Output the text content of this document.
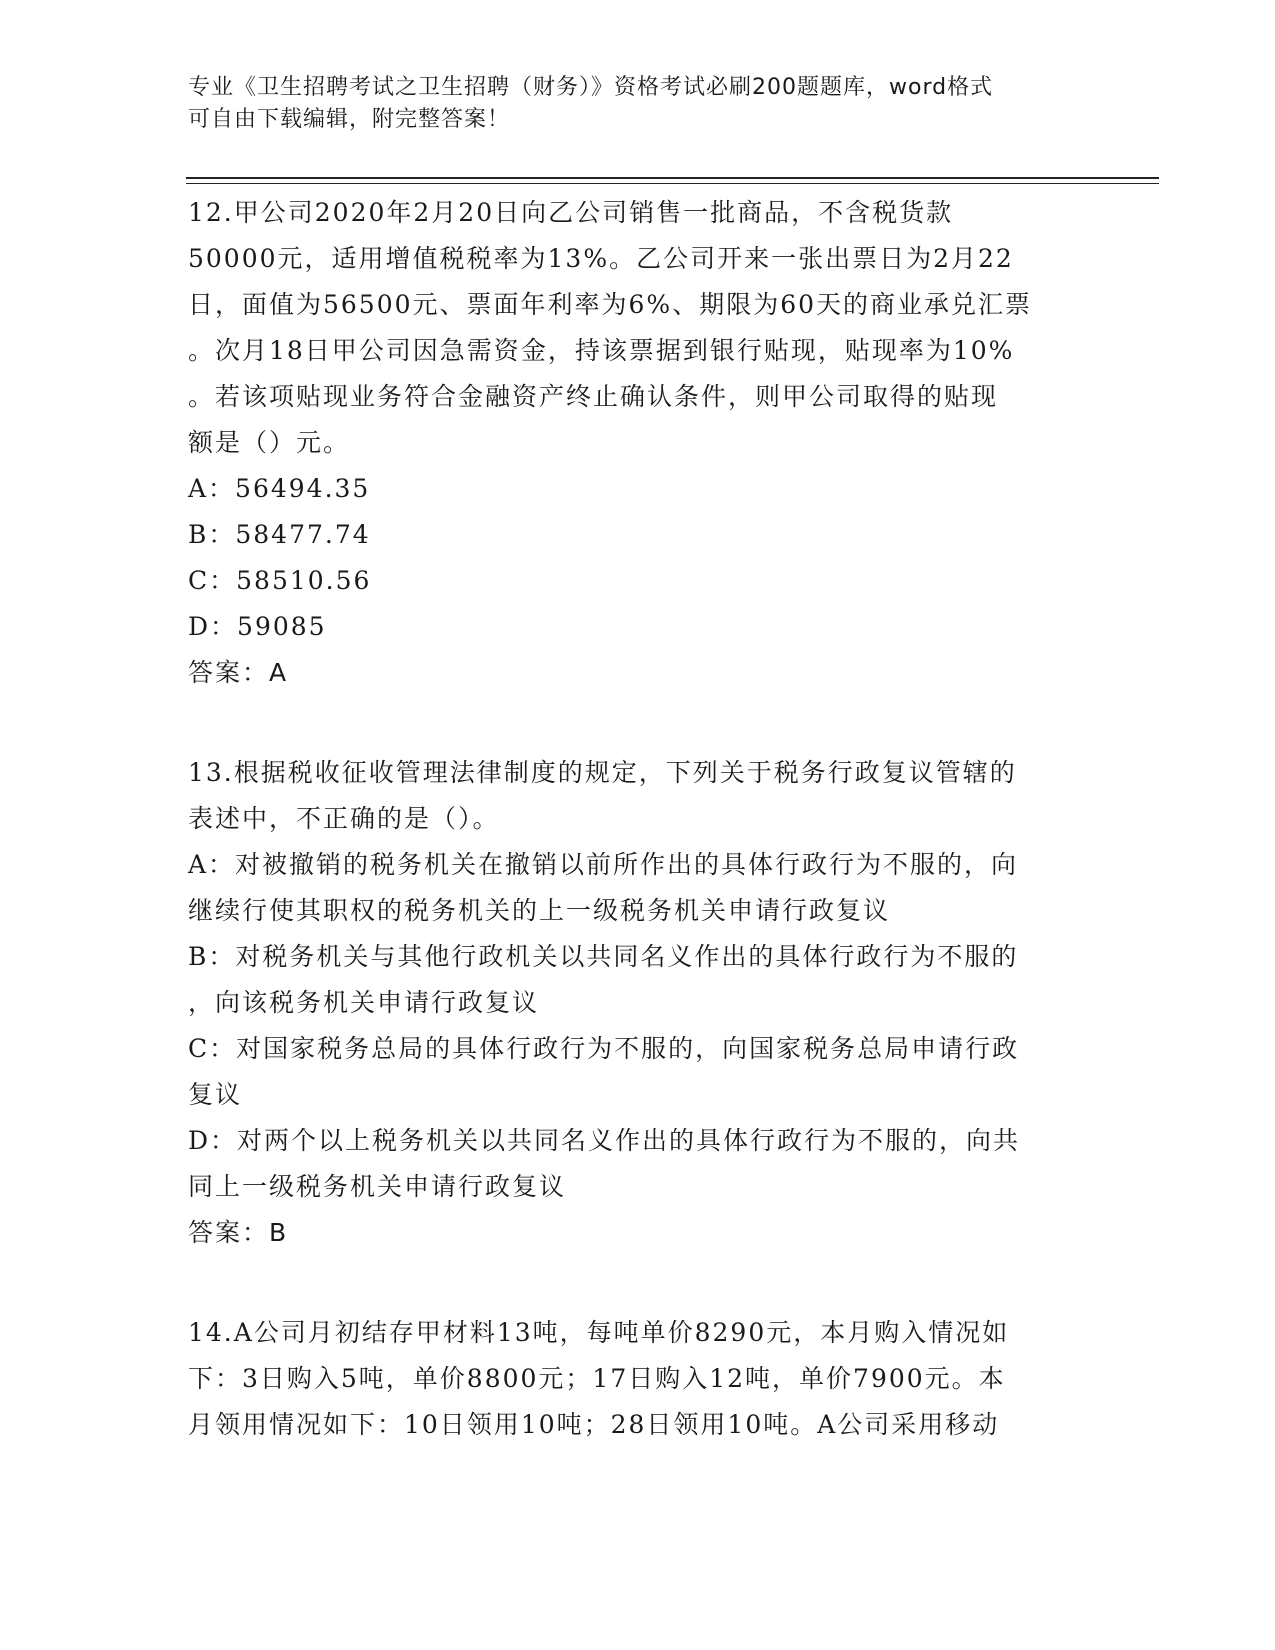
专业《卫生招聘考试之卫生招聘（财务）》资格考试必刷200题题库，word格式
可自由下载编辑，附完整答案！
12.甲公司2020年2月20日向乙公司销售一批商品，不含税货款
50000元，适用增值税税率为13%。乙公司开来一张出票日为2月22
日，面值为56500元、票面年利率为6%、期限为60天的商业承兑汇票
。次月18日甲公司因急需资金，持该票据到银行贴现，贴现率为10%
。若该项贴现业务符合金融资产终止确认条件，则甲公司取得的贴现
额是（）元。
A：56494.35
B：58477.74
C：58510.56
D：59085
答案：A
13.根据税收征收管理法律制度的规定，下列关于税务行政复议管辖的
表述中，不正确的是（）。
A：对被撤销的税务机关在撤销以前所作出的具体行政行为不服的，向
继续行使其职权的税务机关的上一级税务机关申请行政复议
B：对税务机关与其他行政机关以共同名义作出的具体行政行为不服的
，向该税务机关申请行政复议
C：对国家税务总局的具体行政行为不服的，向国家税务总局申请行政
复议
D：对两个以上税务机关以共同名义作出的具体行政行为不服的，向共
同上一级税务机关申请行政复议
答案：B
14.A公司月初结存甲材料13吨，每吨单价8290元，本月购入情况如
下：3日购入5吨，单价8800元；17日购入12吨，单价7900元。本
月领用情况如下：10日领用10吨；28日领用10吨。A公司采用移动
